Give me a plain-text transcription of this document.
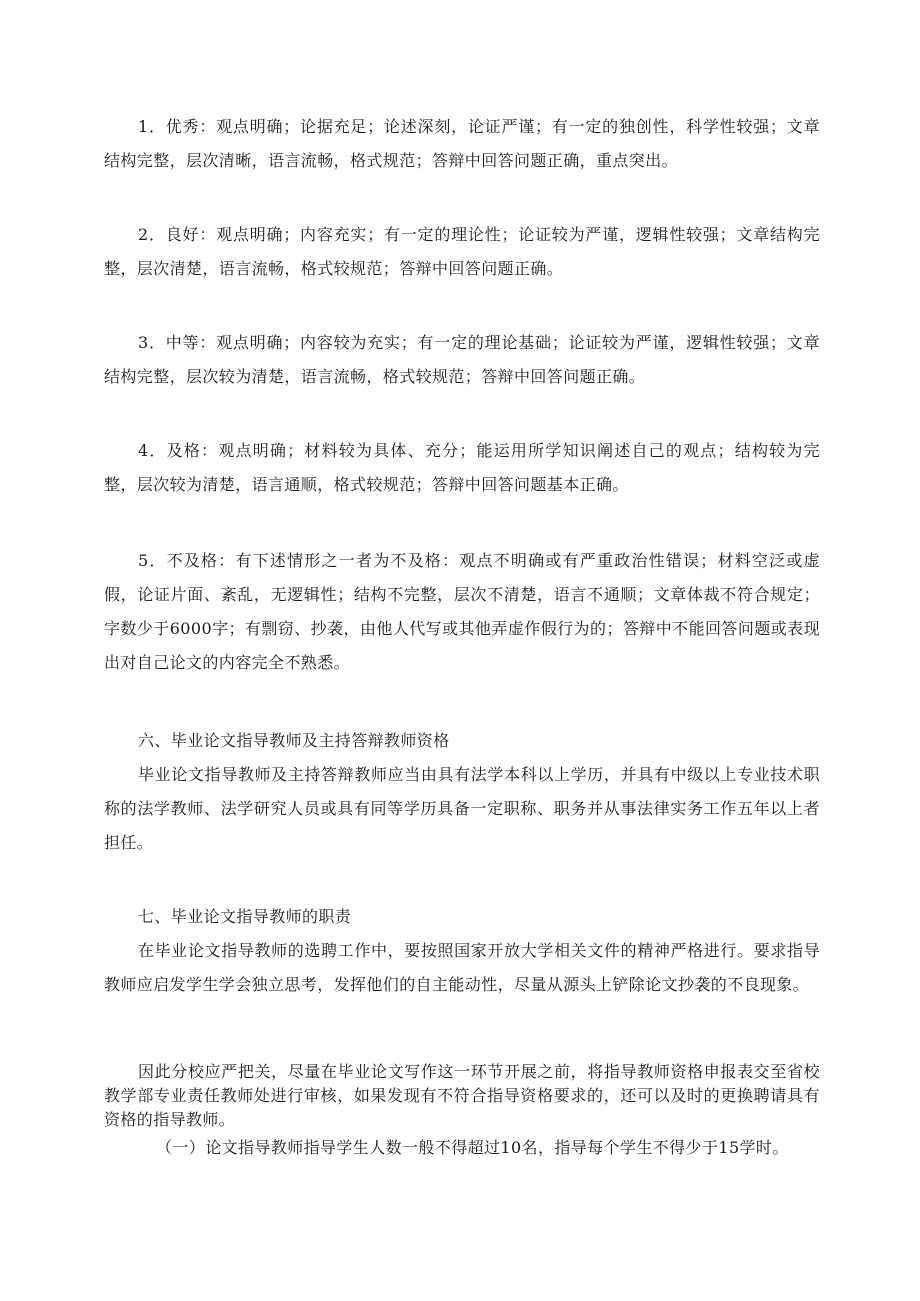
1．优秀：观点明确；论据充足；论述深刻，论证严谨；有一定的独创性，科学性较强；文章结构完整，层次清晰，语言流畅，格式规范；答辩中回答问题正确，重点突出。

2．良好：观点明确；内容充实；有一定的理论性；论证较为严谨，逻辑性较强；文章结构完整，层次清楚，语言流畅，格式较规范；答辩中回答问题正确。

3．中等：观点明确；内容较为充实；有一定的理论基础；论证较为严谨，逻辑性较强；文章结构完整，层次较为清楚，语言流畅，格式较规范；答辩中回答问题正确。

4．及格：观点明确；材料较为具体、充分；能运用所学知识阐述自己的观点；结构较为完整，层次较为清楚，语言通顺，格式较规范；答辩中回答问题基本正确。

5．不及格：有下述情形之一者为不及格：观点不明确或有严重政治性错误；材料空泛或虚假，论证片面、紊乱，无逻辑性；结构不完整，层次不清楚，语言不通顺；文章体裁不符合规定；字数少于6000字；有剽窃、抄袭，由他人代写或其他弄虚作假行为的；答辩中不能回答问题或表现出对自己论文的内容完全不熟悉。

六、毕业论文指导教师及主持答辩教师资格

毕业论文指导教师及主持答辩教师应当由具有法学本科以上学历，并具有中级以上专业技术职称的法学教师、法学研究人员或具有同等学历具备一定职称、职务并从事法律实务工作五年以上者担任。

七、毕业论文指导教师的职责

在毕业论文指导教师的选聘工作中，要按照国家开放大学相关文件的精神严格进行。要求指导教师应启发学生学会独立思考，发挥他们的自主能动性，尽量从源头上铲除论文抄袭的不良现象。

因此分校应严把关，尽量在毕业论文写作这一环节开展之前，将指导教师资格申报表交至省校教学部专业责任教师处进行审核，如果发现有不符合指导资格要求的，还可以及时的更换聘请具有资格的指导教师。

（一）论文指导教师指导学生人数一般不得超过10名，指导每个学生不得少于15学时。
